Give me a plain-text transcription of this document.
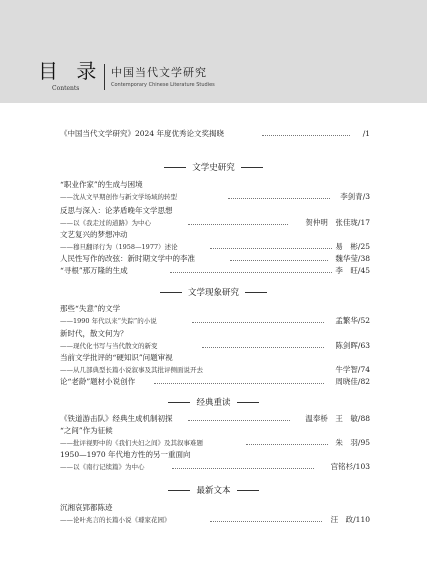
目 录
Contents
中国当代文学研究
Contemporary Chinese Literature Studies
《中国当代文学研究》2024 年度优秀论文奖揭晓	/1
文学史研究
“职业作家”的生成与困境
——沈从文早期创作与新文学场域的转型	李剑青/3
反思与深入：论茅盾晚年文学思想
——以《我走过的道路》为中心	贺仲明　张佳珑/17
文艺复兴的梦想冲动
——穆旦翻译行为（1958—1977）述论	易　彬/25
人民性写作的改弦：新时期文学中的李准	魏华莹/38
“寻根”那万隆的生成	李　旺/45
文学现象研究
那些“失意”的文学
——1990 年代以来“失踪”的小说	孟繁华/52
新时代，散文何为？
——现代化书写与当代散文的新变	陈剑晖/63
当前文学批评的“硬知识”问题审视
——从几部典型长篇小说叙事及其批评侧面说开去	牛学智/74
论“老龄”题材小说创作	周晓佳/82
经典重读
《铁道游击队》经典生成机制初探	温奉桥　王　敏/88
“之间”作为征候
——批评视野中的《我们夫妇之间》及其叙事难题	朱　羽/95
1950—1970 年代地方性的另一重面向
——以《南行记续篇》为中心	宫铭杉/103
最新文本
沉湘哀郢都陈迹
——论叶兆言的长篇小说《璩家花园》	汪　政/110
